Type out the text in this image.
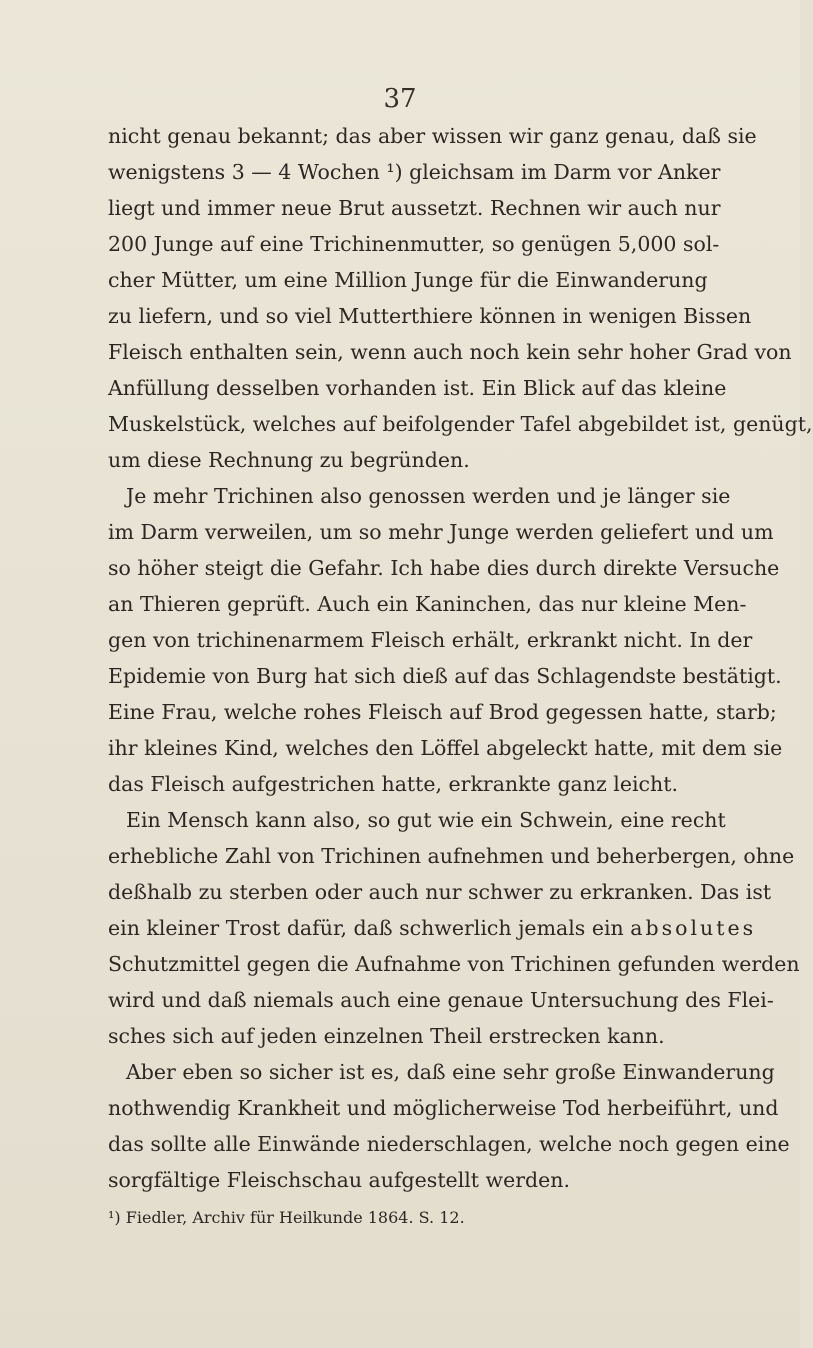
37
nicht genau bekannt; das aber wissen wir ganz genau, daß sie
wenigstens 3 — 4 Wochen ¹) gleichsam im Darm vor Anker
liegt und immer neue Brut aussetzt. Rechnen wir auch nur
200 Junge auf eine Trichinenmutter, so genügen 5,000 sol-
cher Mütter, um eine Million Junge für die Einwanderung
zu liefern, und so viel Mutterthiere können in wenigen Bissen
Fleisch enthalten sein, wenn auch noch kein sehr hoher Grad von
Anfüllung desselben vorhanden ist. Ein Blick auf das kleine
Muskelstück, welches auf beifolgender Tafel abgebildet ist, genügt,
um diese Rechnung zu begründen.
Je mehr Trichinen also genossen werden und je länger sie
im Darm verweilen, um so mehr Junge werden geliefert und um
so höher steigt die Gefahr. Ich habe dies durch direkte Versuche
an Thieren geprüft. Auch ein Kaninchen, das nur kleine Men-
gen von trichinenarmem Fleisch erhält, erkrankt nicht. In der
Epidemie von Burg hat sich dieß auf das Schlagendste bestätigt.
Eine Frau, welche rohes Fleisch auf Brod gegessen hatte, starb;
ihr kleines Kind, welches den Löffel abgeleckt hatte, mit dem sie
das Fleisch aufgestrichen hatte, erkrankte ganz leicht.
Ein Mensch kann also, so gut wie ein Schwein, eine recht
erhebliche Zahl von Trichinen aufnehmen und beherbergen, ohne
deßhalb zu sterben oder auch nur schwer zu erkranken. Das ist
ein kleiner Trost dafür, daß schwerlich jemals ein absolutes
Schutzmittel gegen die Aufnahme von Trichinen gefunden werden
wird und daß niemals auch eine genaue Untersuchung des Flei-
sches sich auf jeden einzelnen Theil erstrecken kann.
Aber eben so sicher ist es, daß eine sehr große Einwanderung
nothwendig Krankheit und möglicherweise Tod herbeiführt, und
das sollte alle Einwände niederschlagen, welche noch gegen eine
sorgfältige Fleischschau aufgestellt werden.
¹) Fiedler, Archiv für Heilkunde 1864. S. 12.
